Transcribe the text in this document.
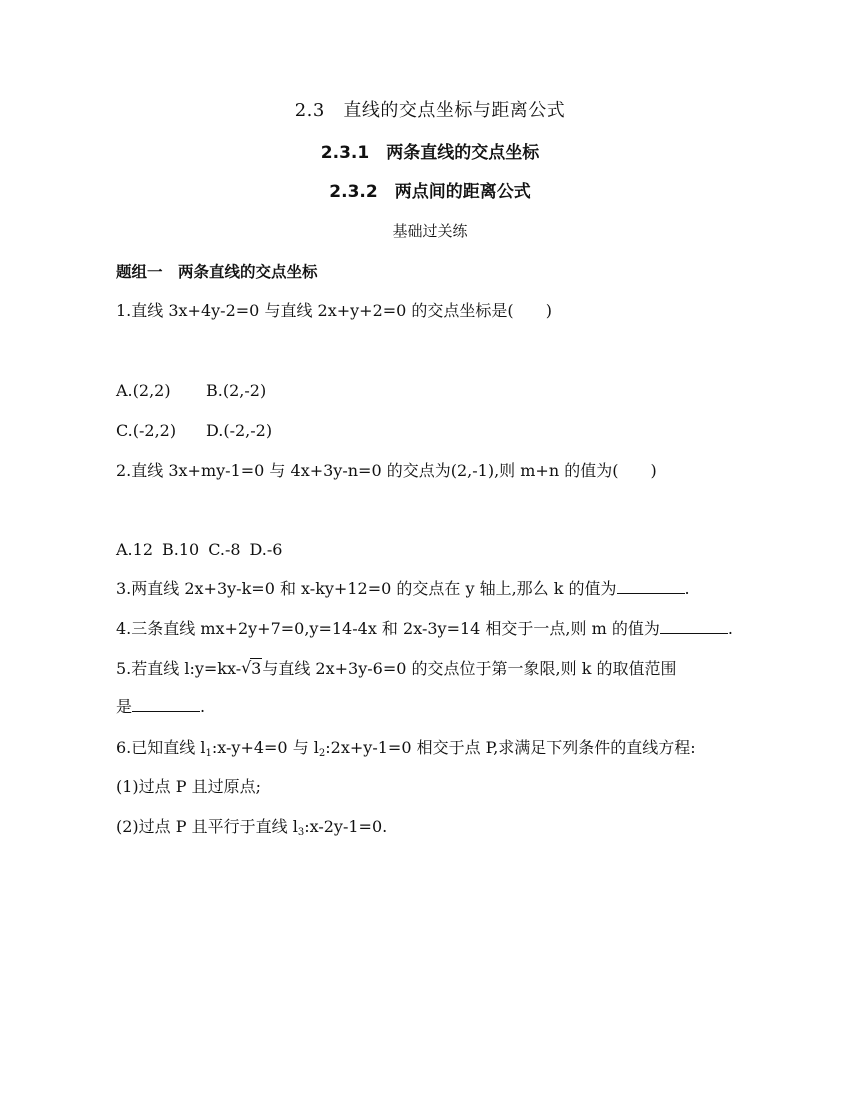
2.3　直线的交点坐标与距离公式
2.3.1　两条直线的交点坐标
2.3.2　两点间的距离公式
基础过关练
题组一　两条直线的交点坐标
1.直线 3x+4y-2=0 与直线 2x+y+2=0 的交点坐标是( )
A.(2,2) B.(2,-2)
C.(-2,2) D.(-2,-2)
2.直线 3x+my-1=0 与 4x+3y-n=0 的交点为(2,-1),则 m+n 的值为( )
A.12 B.10 C.-8 D.-6
3.两直线 2x+3y-k=0 和 x-ky+12=0 的交点在 y 轴上,那么 k 的值为	.
4.三条直线 mx+2y+7=0,y=14-4x 和 2x-3y=14 相交于一点,则 m 的值为	.
5.若直线 l:y=kx- √ 3与直线 2x+3y-6=0 的交点位于第一象限,则 k 的取值范围
是	.
6.已知直线 $l_1:x-y+4=0$ 与 $l_2:2x+y-1=0$ 相交于点 P,求满足下列条件的直线方程:
(1)过点 P 且过原点;
(2)过点 P 且平行于直线 $l_3:x-2y-1=0$.
